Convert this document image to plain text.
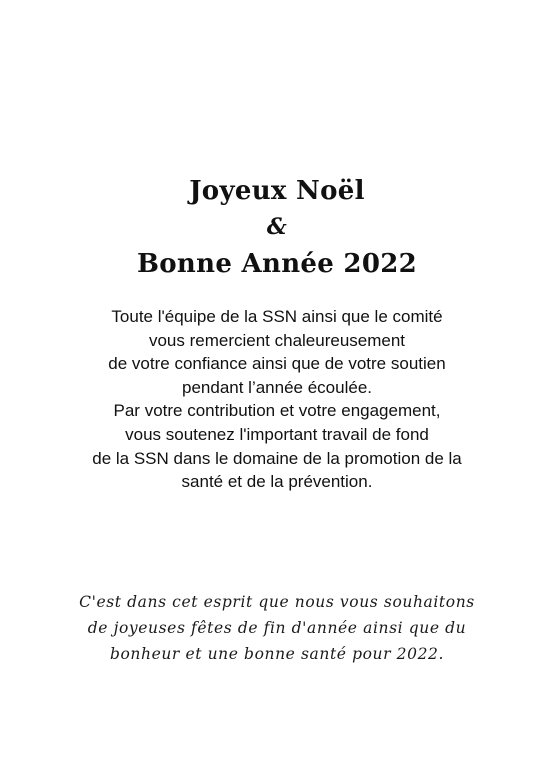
Joyeux Noël
&
Bonne Année 2022
Toute l'équipe de la SSN ainsi que le comité
vous remercient chaleureusement
de votre confiance ainsi que de votre soutien
pendant l’année écoulée.
Par votre contribution et votre engagement,
vous soutenez l'important travail de fond
de la SSN dans le domaine de la promotion de la
santé et de la prévention.
C'est dans cet esprit que nous vous souhaitons
de joyeuses fêtes de fin d'année ainsi que du
bonheur et une bonne santé pour 2022.
